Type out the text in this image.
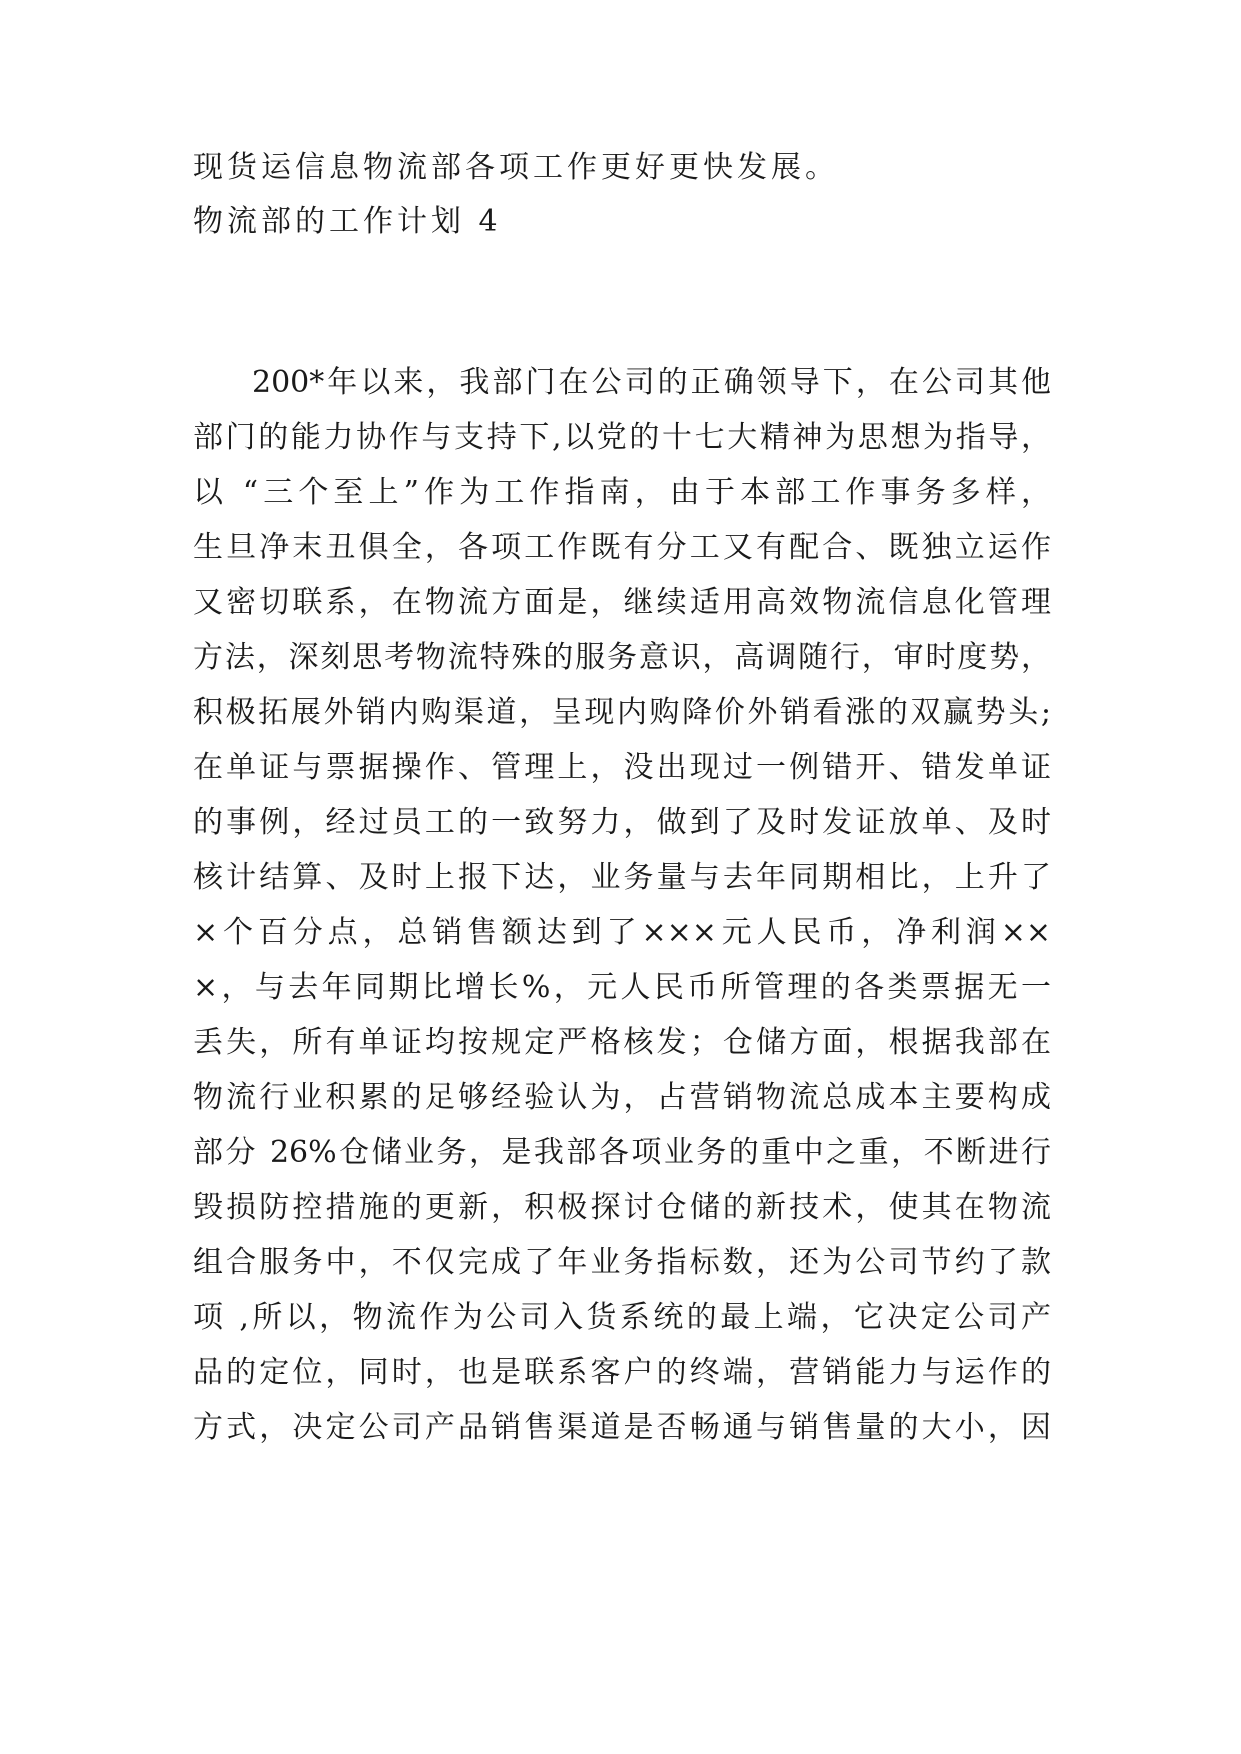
现货运信息物流部各项工作更好更快发展。
物流部的工作计划 4
200*年以来，我部门在公司的正确领导下，在公司其他
部门的能力协作与支持下,以党的十七大精神为思想为指导，
以 “三个至上”作为工作指南，由于本部工作事务多样，
生旦净末丑俱全，各项工作既有分工又有配合、既独立运作
又密切联系，在物流方面是，继续适用高效物流信息化管理
方法，深刻思考物流特殊的服务意识，高调随行，审时度势，
积极拓展外销内购渠道，呈现内购降价外销看涨的双赢势头;
在单证与票据操作、管理上，没出现过一例错开、错发单证
的事例，经过员工的一致努力，做到了及时发证放单、及时
核计结算、及时上报下达，业务量与去年同期相比，上升了
×个百分点，总销售额达到了×××元人民币，净利润××
×，与去年同期比增长%，元人民币所管理的各类票据无一
丢失，所有单证均按规定严格核发；仓储方面，根据我部在
物流行业积累的足够经验认为，占营销物流总成本主要构成
部分 26%仓储业务，是我部各项业务的重中之重，不断进行
毁损防控措施的更新，积极探讨仓储的新技术，使其在物流
组合服务中，不仅完成了年业务指标数，还为公司节约了款
项 ,所以，物流作为公司入货系统的最上端，它决定公司产
品的定位，同时，也是联系客户的终端，营销能力与运作的
方式，决定公司产品销售渠道是否畅通与销售量的大小，因
